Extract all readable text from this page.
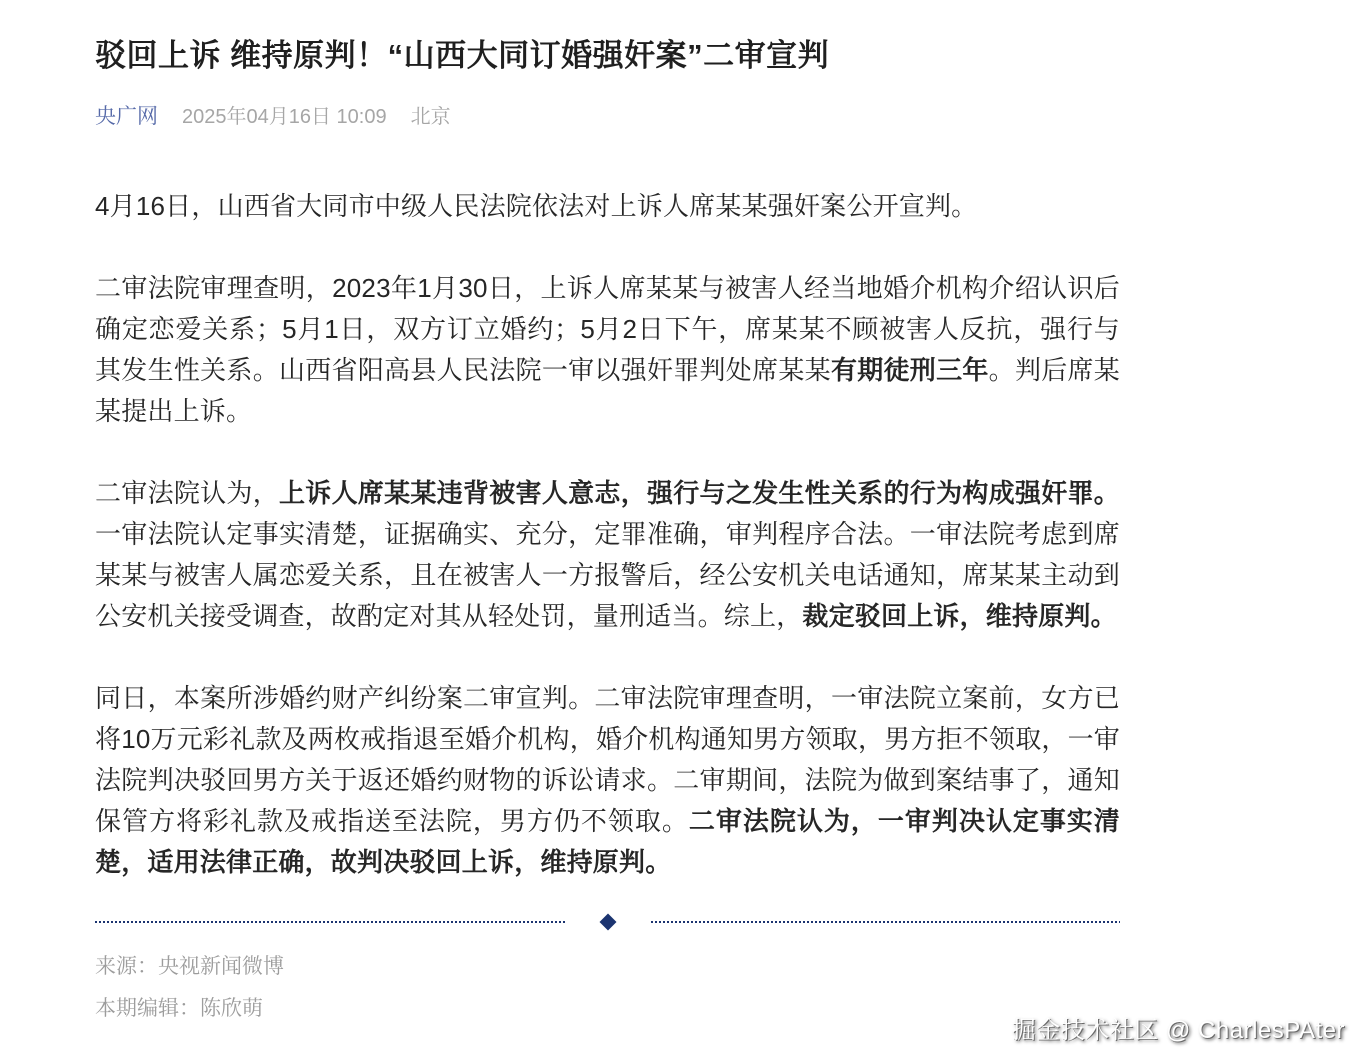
驳回上诉 维持原判！“山西大同订婚强奸案”二审宣判
央广网 2025年04月16日 10:09 北京

4月16日，山西省大同市中级人民法院依法对上诉人席某某强奸案公开宣判。

二审法院审理查明，2023年1月30日，上诉人席某某与被害人经当地婚介机构介绍认识后确定恋爱关系；5月1日，双方订立婚约；5月2日下午，席某某不顾被害人反抗，强行与其发生性关系。山西省阳高县人民法院一审以强奸罪判处席某某有期徒刑三年。判后席某某提出上诉。

二审法院认为，上诉人席某某违背被害人意志，强行与之发生性关系的行为构成强奸罪。一审法院认定事实清楚，证据确实、充分，定罪准确，审判程序合法。一审法院考虑到席某某与被害人属恋爱关系，且在被害人一方报警后，经公安机关电话通知，席某某主动到公安机关接受调查，故酌定对其从轻处罚，量刑适当。综上，裁定驳回上诉，维持原判。

同日，本案所涉婚约财产纠纷案二审宣判。二审法院审理查明，一审法院立案前，女方已将10万元彩礼款及两枚戒指退至婚介机构，婚介机构通知男方领取，男方拒不领取，一审法院判决驳回男方关于返还婚约财物的诉讼请求。二审期间，法院为做到案结事了，通知保管方将彩礼款及戒指送至法院，男方仍不领取。二审法院认为，一审判决认定事实清楚，适用法律正确，故判决驳回上诉，维持原判。

来源：央视新闻微博
本期编辑：陈欣萌
掘金技术社区 @ CharlesPAter
